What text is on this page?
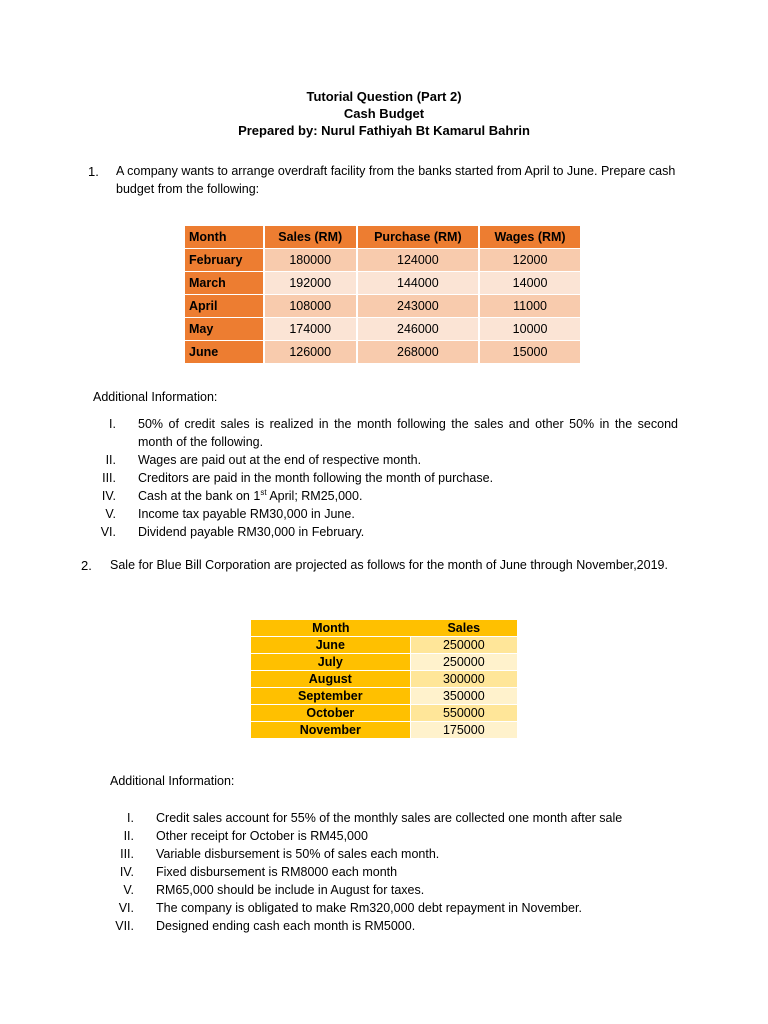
Tutorial Question (Part 2)
Cash Budget
Prepared by: Nurul Fathiyah Bt Kamarul Bahrin
1. A company wants to arrange overdraft facility from the banks started from April to June. Prepare cash budget from the following:
Month	Sales (RM)	Purchase (RM)	Wages (RM)
February	180000	124000	12000
March	192000	144000	14000
April	108000	243000	11000
May	174000	246000	10000
June	126000	268000	15000
Additional Information:
I. 50% of credit sales is realized in the month following the sales and other 50% in the second month of the following.
II. Wages are paid out at the end of respective month.
III. Creditors are paid in the month following the month of purchase.
IV. Cash at the bank on 1st April; RM25,000.
V. Income tax payable RM30,000 in June.
VI. Dividend payable RM30,000 in February.
2. Sale for Blue Bill Corporation are projected as follows for the month of June through November,2019.
Month	Sales
June	250000
July	250000
August	300000
September	350000
October	550000
November	175000
Additional Information:
I. Credit sales account for 55% of the monthly sales are collected one month after sale
II. Other receipt for October is RM45,000
III. Variable disbursement is 50% of sales each month.
IV. Fixed disbursement is RM8000 each month
V. RM65,000 should be include in August for taxes.
VI. The company is obligated to make Rm320,000 debt repayment in November.
VII. Designed ending cash each month is RM5000.
